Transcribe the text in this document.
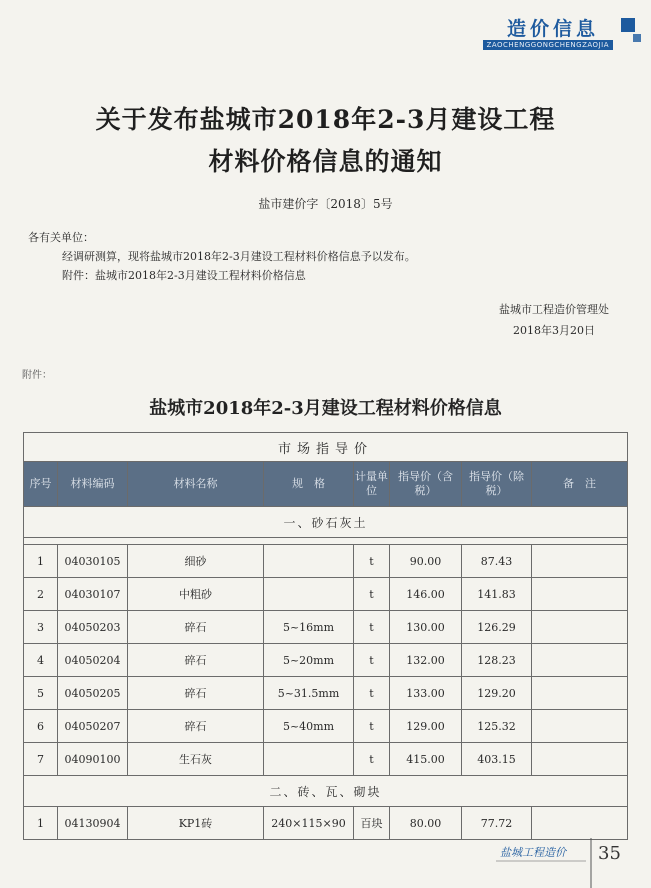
造价信息
ZAOCHENGGONGCHENGZAOJIA
关于发布盐城市2018年2-3月建设工程
材料价格信息的通知
盐市建价字〔2018〕5号
各有关单位：
经调研测算，现将盐城市2018年2-3月建设工程材料价格信息予以发布。
附件：盐城市2018年2-3月建设工程材料价格信息
盐城市工程造价管理处
2018年3月20日
附件：
盐城市2018年2-3月建设工程材料价格信息
市场指导价							
序号	材料编码	材料名称	规　格	计量单位	指导价（含税）	指导价（除税）	备　注
一、砂石灰土							

1	04030105	细砂		t	90.00	87.43	
2	04030107	中粗砂		t	146.00	141.83	
3	04050203	碎石	5~16mm	t	130.00	126.29	
4	04050204	碎石	5~20mm	t	132.00	128.23	
5	04050205	碎石	5~31.5mm	t	133.00	129.20	
6	04050207	碎石	5~40mm	t	129.00	125.32	
7	04090100	生石灰		t	415.00	403.15	
二、砖、瓦、砌块							
1	04130904	KP1砖	240×115×90	百块	80.00	77.72	
盐城工程造价 35
